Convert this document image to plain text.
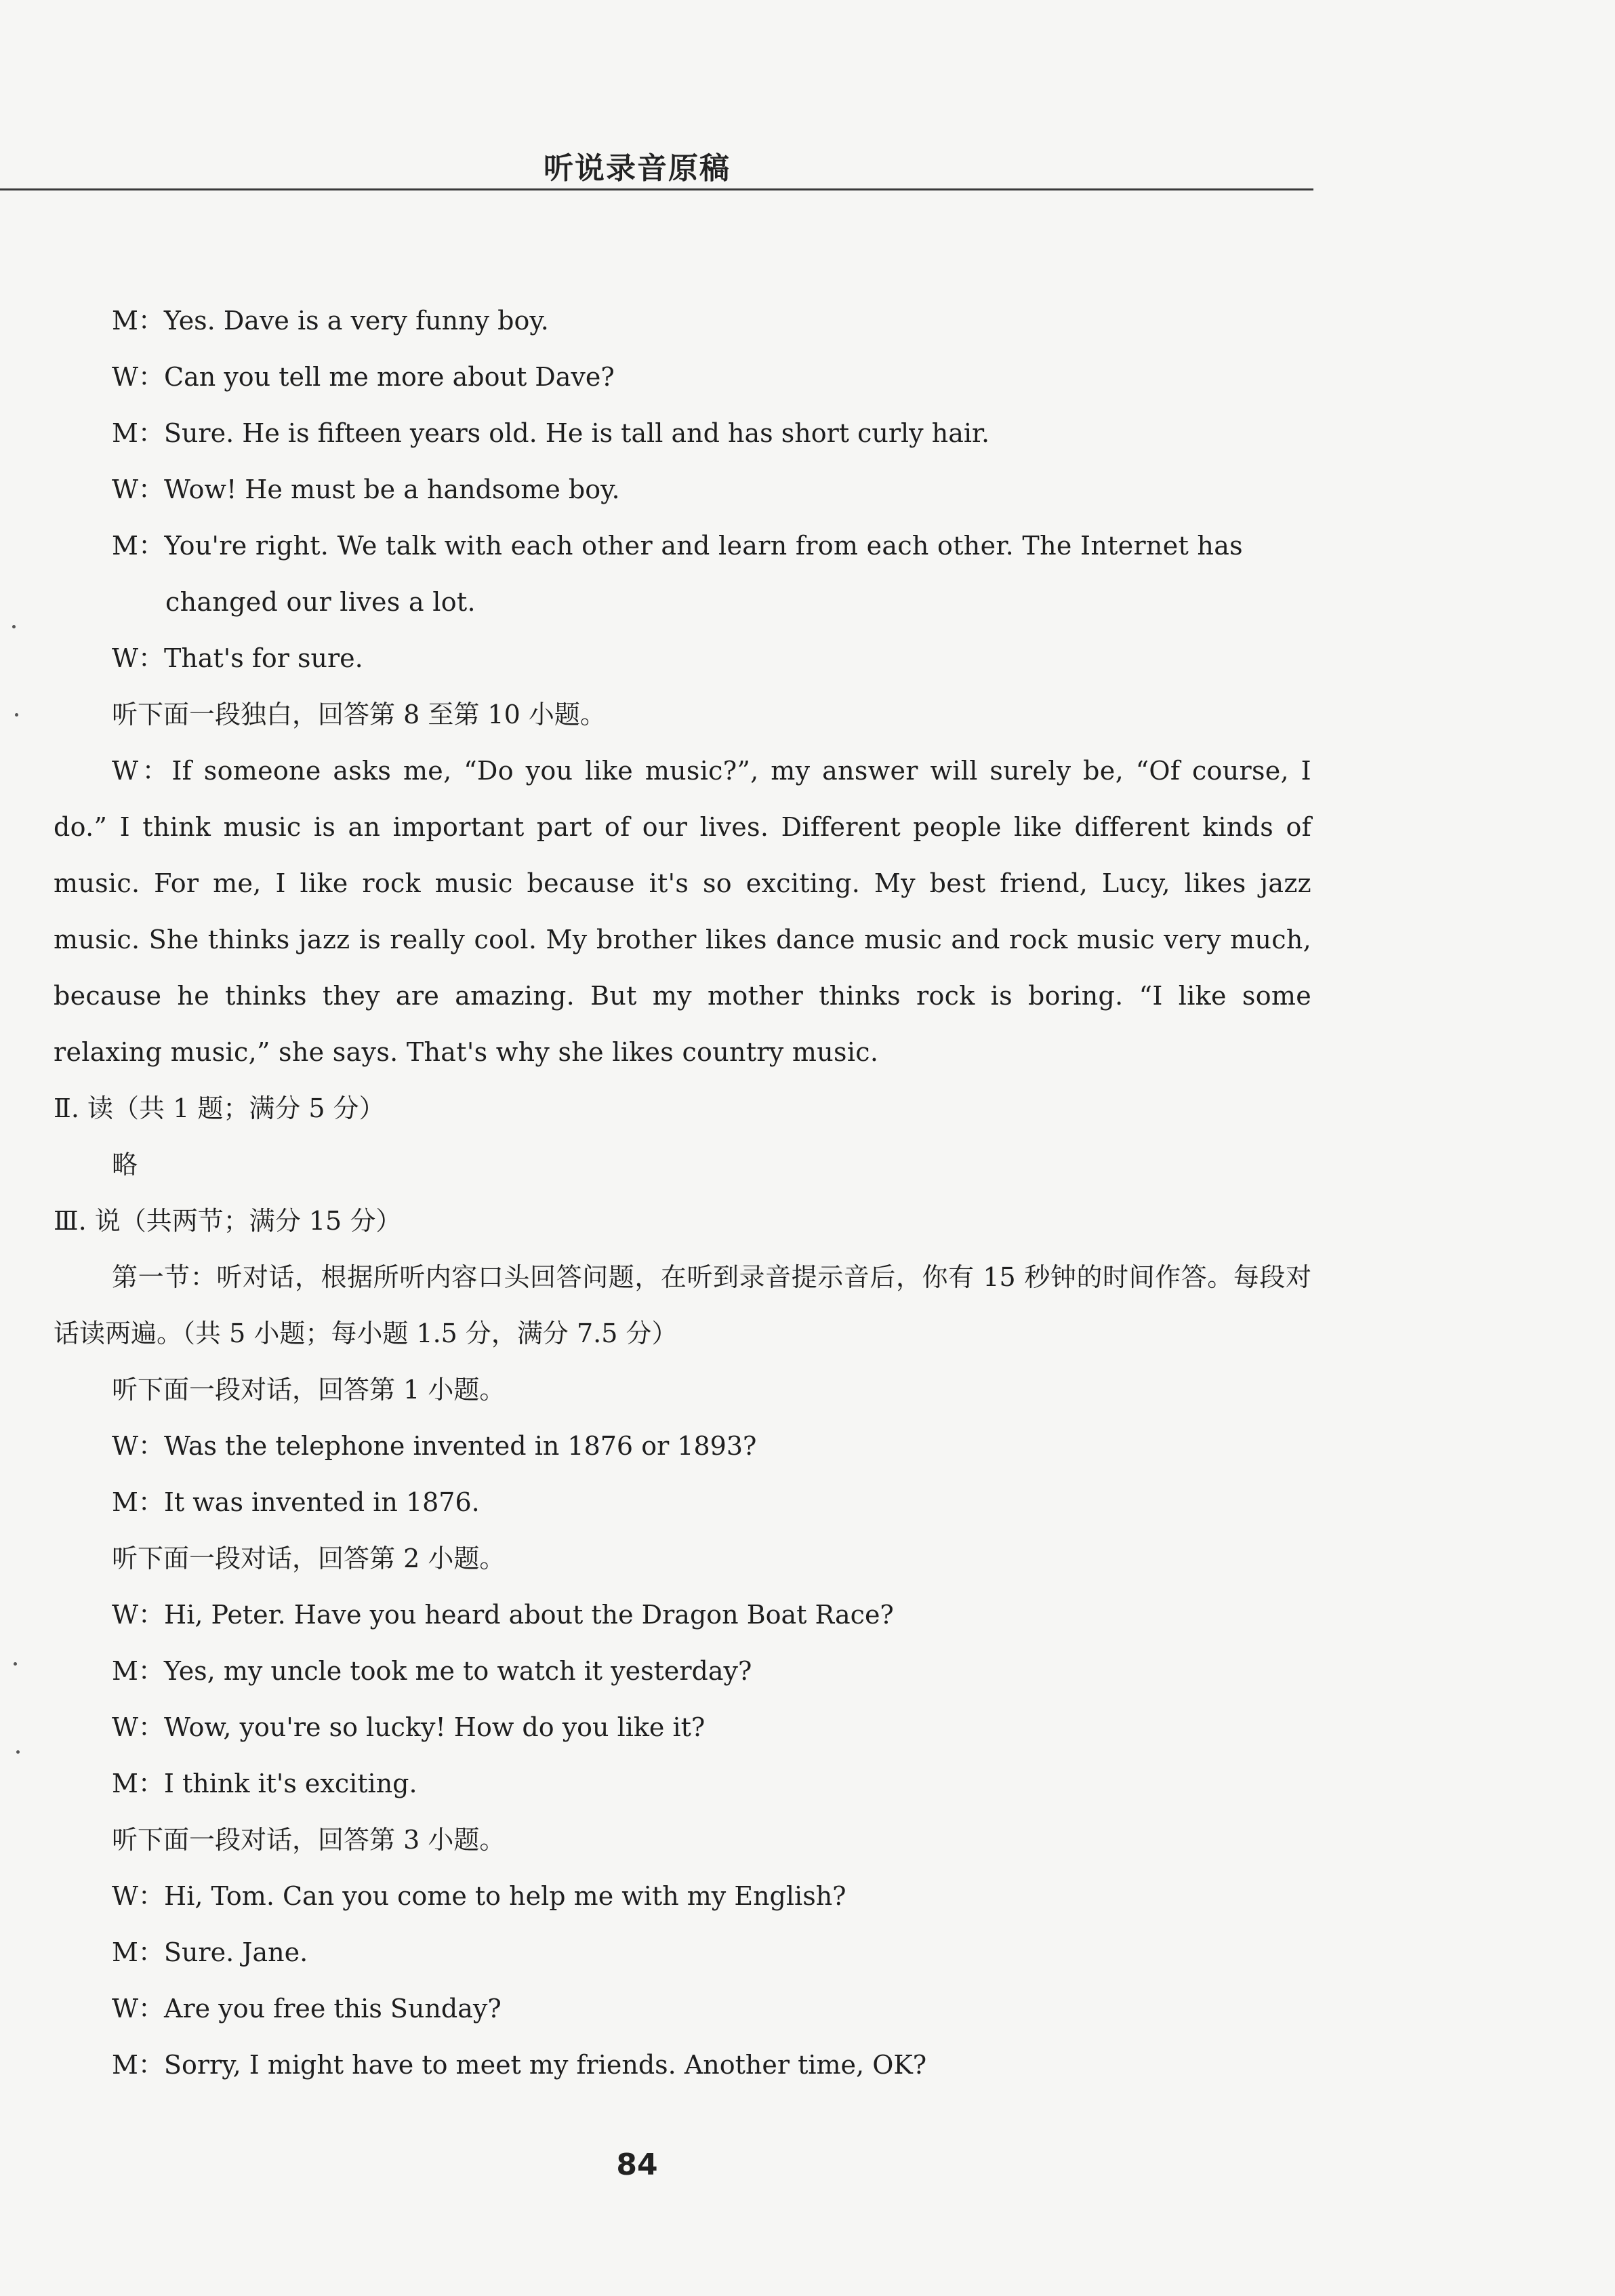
听说录音原稿

M：Yes. Dave is a very funny boy.

W：Can you tell me more about Dave?

M：Sure. He is fifteen years old. He is tall and has short curly hair.

W：Wow! He must be a handsome boy.

M：You're right. We talk with each other and learn from each other. The Internet has changed our lives a lot.

W：That's for sure.

听下面一段独白，回答第 8 至第 10 小题。

W：If someone asks me, “Do you like music?”, my answer will surely be, “Of course, I do.” I think music is an important part of our lives. Different people like different kinds of music. For me, I like rock music because it's so exciting. My best friend, Lucy, likes jazz music. She thinks jazz is really cool. My brother likes dance music and rock music very much, because he thinks they are amazing. But my mother thinks rock is boring. “I like some relaxing music,” she says. That's why she likes country music.

Ⅱ. 读（共 1 题；满分 5 分）

略

Ⅲ. 说（共两节；满分 15 分）

第一节：听对话，根据所听内容口头回答问题，在听到录音提示音后，你有 15 秒钟的时间作答。每段对话读两遍。（共 5 小题；每小题 1.5 分，满分 7.5 分）

听下面一段对话，回答第 1 小题。

W：Was the telephone invented in 1876 or 1893?

M：It was invented in 1876.

听下面一段对话，回答第 2 小题。

W：Hi, Peter. Have you heard about the Dragon Boat Race?

M：Yes, my uncle took me to watch it yesterday?

W：Wow, you're so lucky! How do you like it?

M：I think it's exciting.

听下面一段对话，回答第 3 小题。

W：Hi, Tom. Can you come to help me with my English?

M：Sure. Jane.

W：Are you free this Sunday?

M：Sorry, I might have to meet my friends. Another time, OK?

84
